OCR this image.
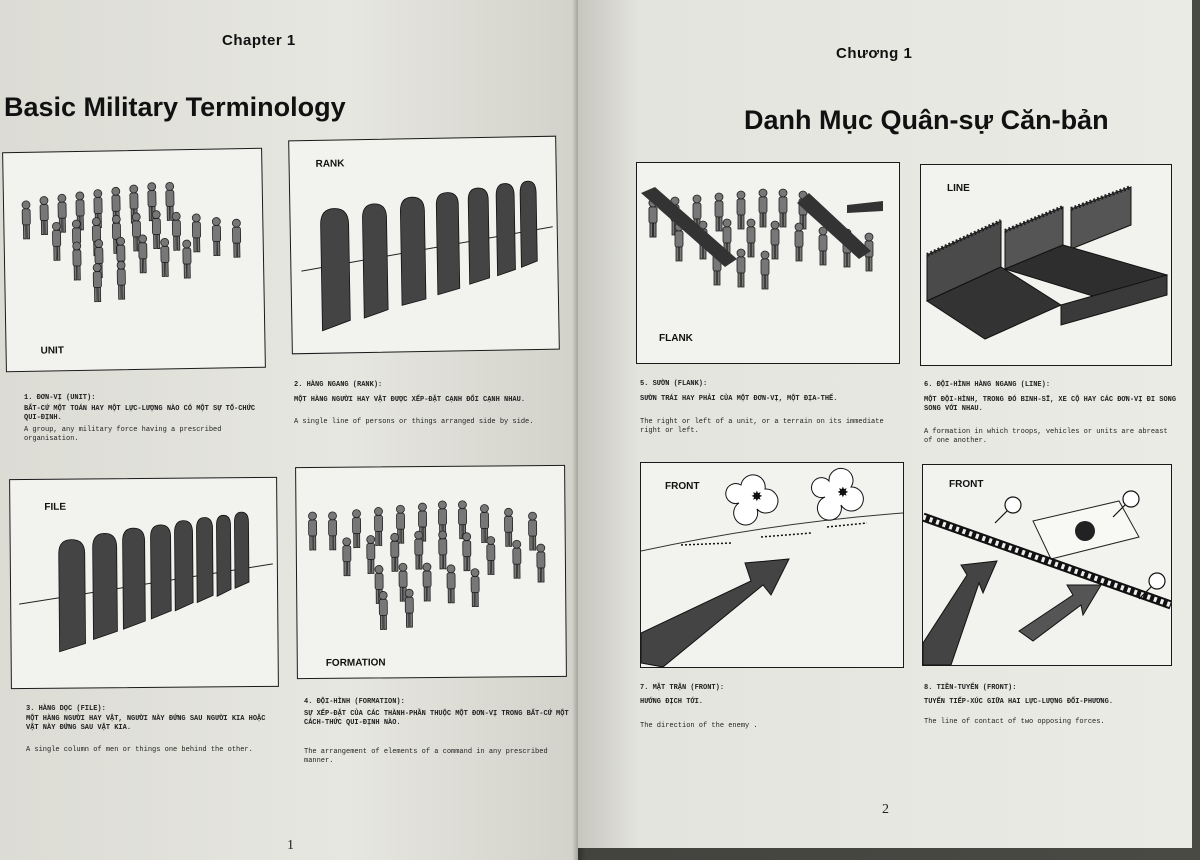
Chapter 1
Basic Military Terminology
UNIT
RANK
1. ĐƠN-VỊ (UNIT):
BẤT-CỨ MỘT TOÁN HAY MỘT LỰC-LƯỢNG NÀO CÓ MỘT SỰ TỔ-CHỨC QUI-ĐỊNH.
A group, any military force having a prescribed organisation.
2. HÀNG NGANG (RANK):
MỘT HÀNG NGƯỜI HAY VẬT ĐƯỢC XẾP-ĐẶT CẠNH ĐỐI CẠNH NHAU.
A single line of persons or things arranged side by side.
FILE
FORMATION
3. HÀNG DỌC (FILE):
MỘT HÀNG NGƯỜI HAY VẬT, NGƯỜI NÀY ĐỨNG SAU NGƯỜI KIA HOẶC VẬT NÀY ĐỨNG SAU VẬT KIA.
A single column of men or things one behind the other.
4. ĐỘI-HÌNH (FORMATION):
SỰ XẾP-ĐẶT CỦA CÁC THÀNH-PHẦN THUỘC MỘT ĐƠN-VỊ TRONG BẤT-CỨ MỘT CÁCH-THỨC QUI-ĐỊNH NÀO.
The arrangement of elements of a command in any prescribed manner.
1
Chương 1
Danh Mục Quân-sự Căn-bản
FLANK
LINE
5. SƯỜN (FLANK):
SƯỜN TRÁI HAY PHẢI CỦA MỘT ĐƠN-VỊ, MỘT ĐỊA-THẾ.
The right or left of a unit, or a terrain on its immediate right or left.
6. ĐỘI-HÌNH HÀNG NGANG (LINE):
MỘT ĐỘI-HÌNH, TRONG ĐÓ BINH-SĨ, XE CỘ HAY CÁC ĐƠN-VỊ ĐI SONG SONG VỚI NHAU.
A formation in which troops, vehicles or units are abreast of one another.
✸	✸
FRONT	FRONT
7. MẶT TRẬN (FRONT):
HƯỚNG ĐỊCH TỚI.
The direction of the enemy .
8. TIỀN-TUYẾN (FRONT):
TUYẾN TIẾP-XÚC GIỮA HAI LỰC-LƯỢNG ĐỐI-PHƯƠNG.
The line of contact of two opposing forces.
2
